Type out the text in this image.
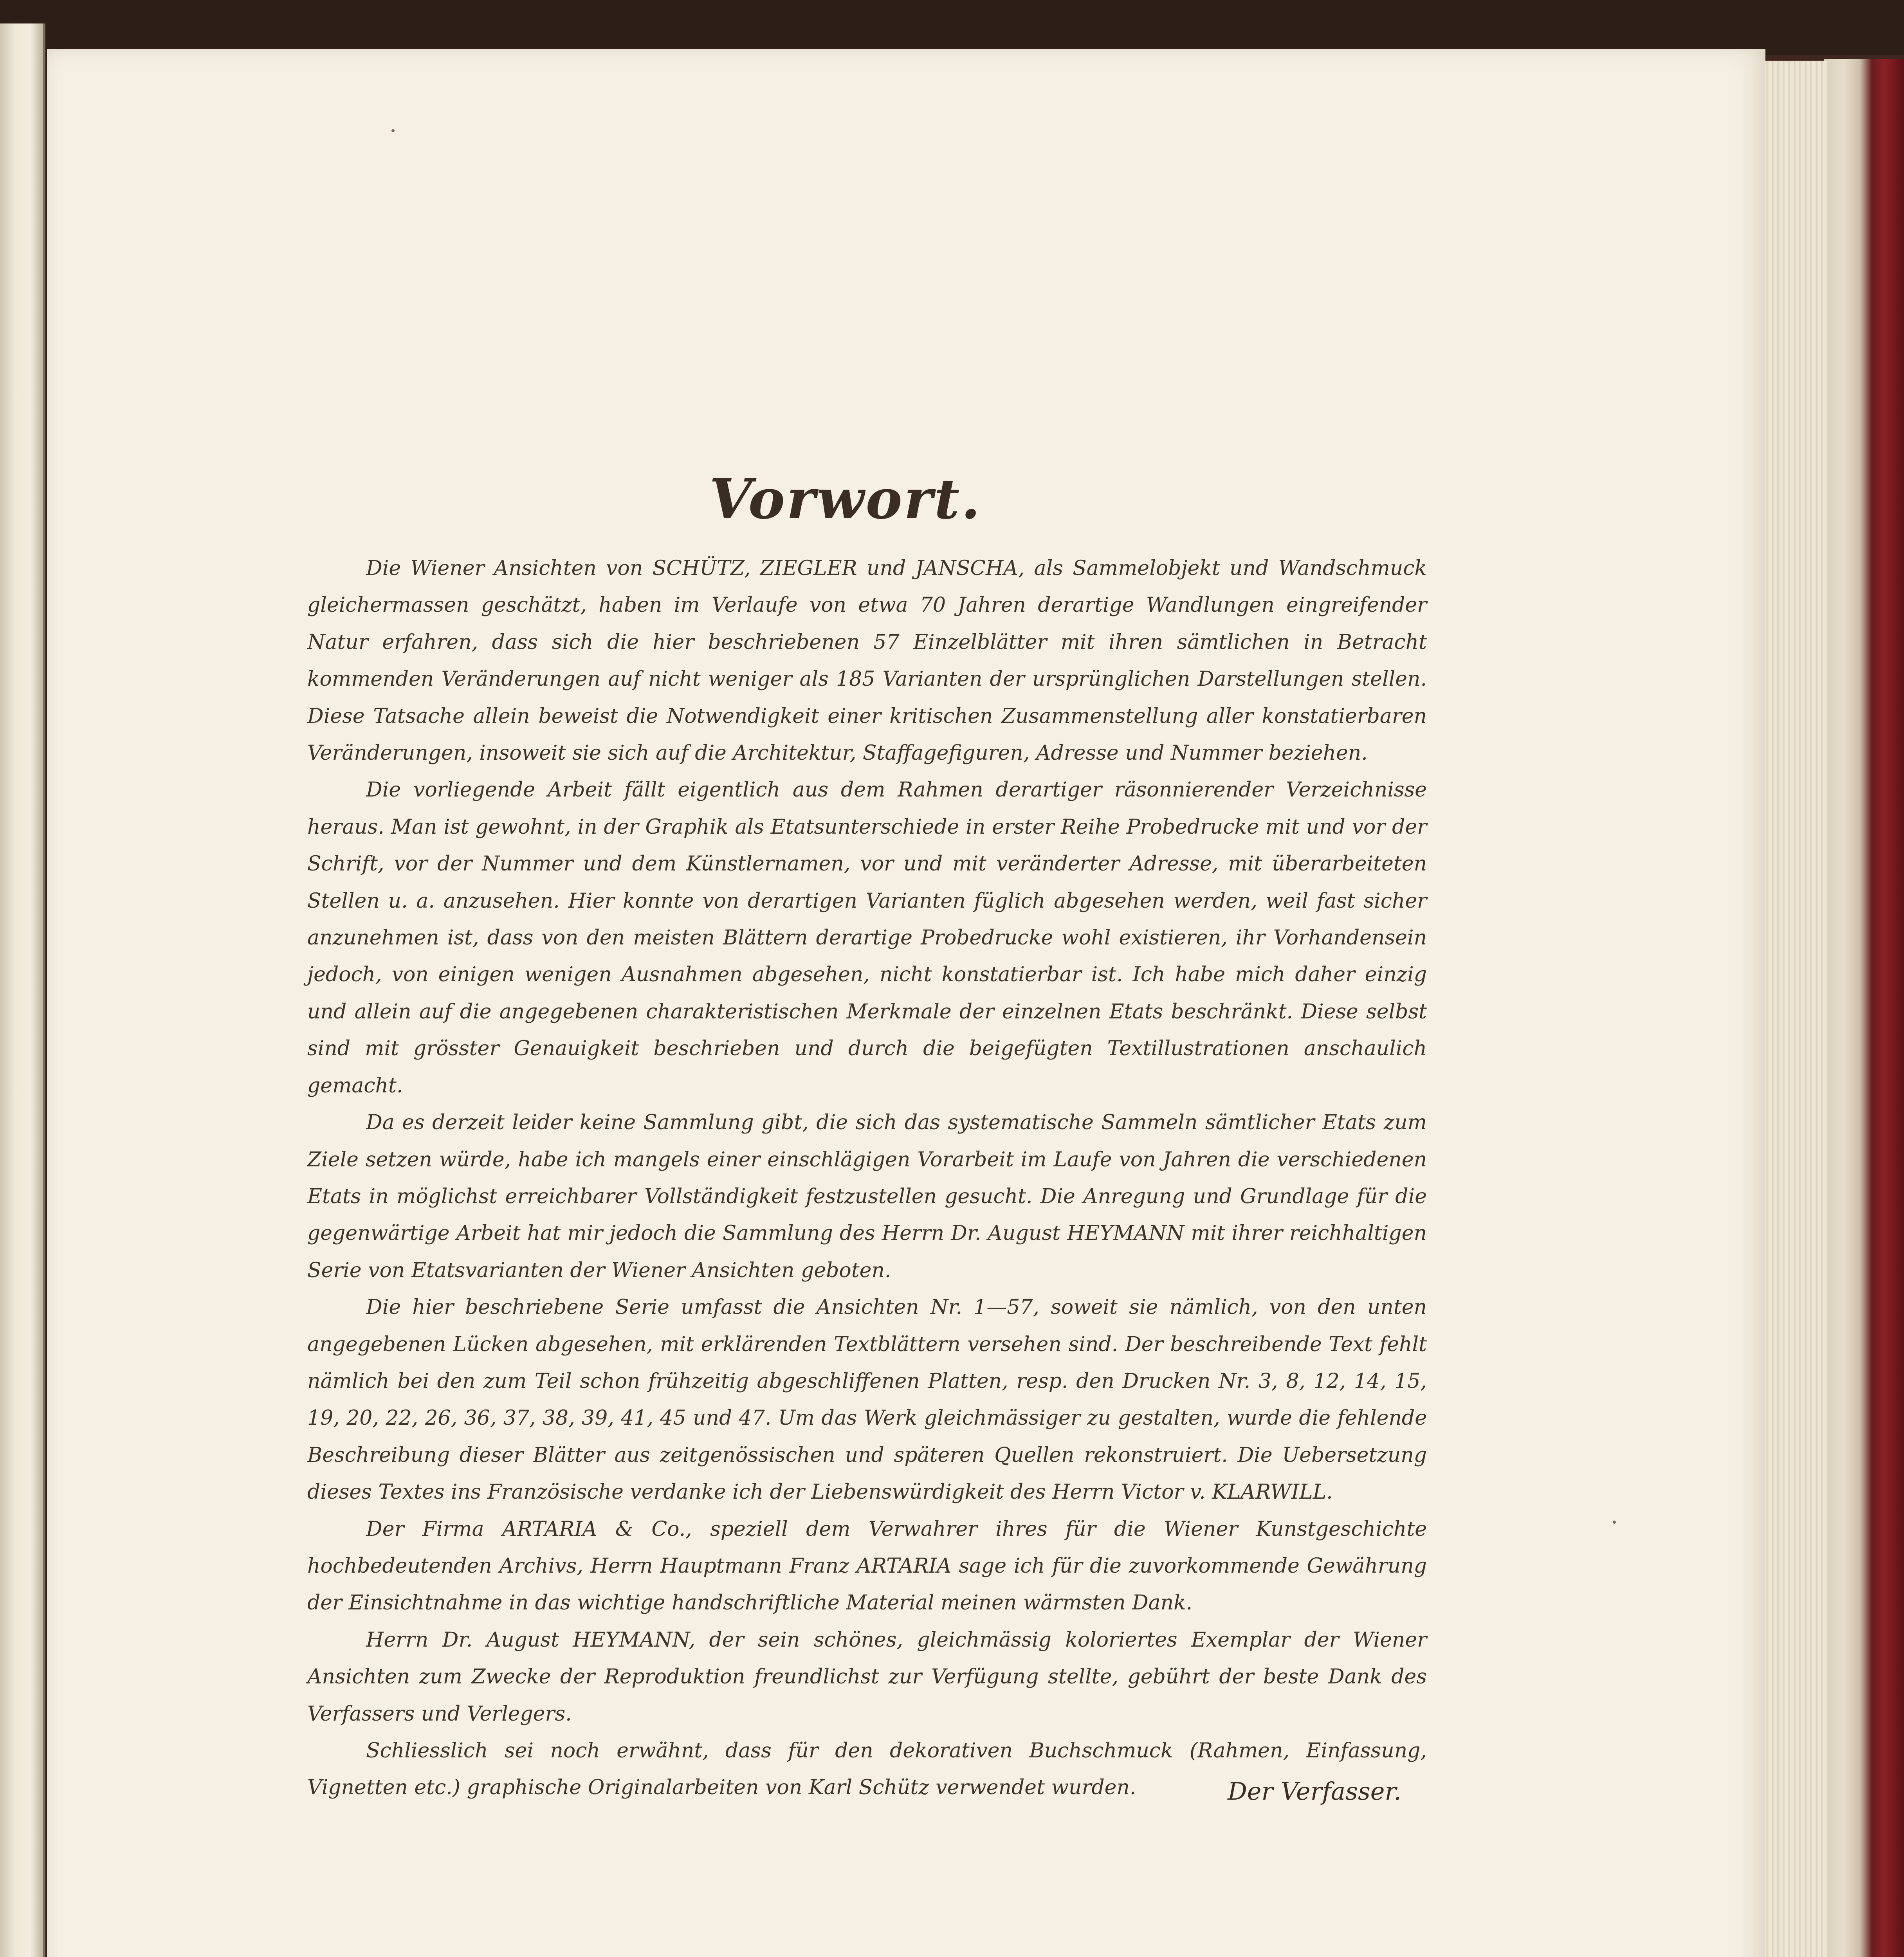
Vorwort.

Die Wiener Ansichten von SCHÜTZ, ZIEGLER und JANSCHA, als Sammelobjekt und Wandschmuck gleichermassen geschätzt, haben im Verlaufe von etwa 70 Jahren derartige Wandlungen eingreifender Natur erfahren, dass sich die hier beschriebenen 57 Einzelblätter mit ihren sämtlichen in Betracht kommenden Veränderungen auf nicht weniger als 185 Varianten der ursprünglichen Darstellungen stellen. Diese Tatsache allein beweist die Notwendigkeit einer kritischen Zusammenstellung aller konstatierbaren Veränderungen, insoweit sie sich auf die Architektur, Staffagefiguren, Adresse und Nummer beziehen.

Die vorliegende Arbeit fällt eigentlich aus dem Rahmen derartiger räsonnierender Verzeichnisse heraus. Man ist gewohnt, in der Graphik als Etatsunterschiede in erster Reihe Probedrucke mit und vor der Schrift, vor der Nummer und dem Künstlernamen, vor und mit veränderter Adresse, mit überarbeiteten Stellen u. a. anzusehen. Hier konnte von derartigen Varianten füglich abgesehen werden, weil fast sicher anzunehmen ist, dass von den meisten Blättern derartige Probedrucke wohl existieren, ihr Vorhandensein jedoch, von einigen wenigen Ausnahmen abgesehen, nicht konstatierbar ist. Ich habe mich daher einzig und allein auf die angegebenen charakteristischen Merkmale der einzelnen Etats beschränkt. Diese selbst sind mit grösster Genauigkeit beschrieben und durch die beigefügten Textillustrationen anschaulich gemacht.

Da es derzeit leider keine Sammlung gibt, die sich das systematische Sammeln sämtlicher Etats zum Ziele setzen würde, habe ich mangels einer einschlägigen Vorarbeit im Laufe von Jahren die verschiedenen Etats in möglichst erreichbarer Vollständigkeit festzustellen gesucht. Die Anregung und Grundlage für die gegenwärtige Arbeit hat mir jedoch die Sammlung des Herrn Dr. August HEYMANN mit ihrer reichhaltigen Serie von Etatsvarianten der Wiener Ansichten geboten.

Die hier beschriebene Serie umfasst die Ansichten Nr. 1—57, soweit sie nämlich, von den unten angegebenen Lücken abgesehen, mit erklärenden Textblättern versehen sind. Der beschreibende Text fehlt nämlich bei den zum Teil schon frühzeitig abgeschliffenen Platten, resp. den Drucken Nr. 3, 8, 12, 14, 15, 19, 20, 22, 26, 36, 37, 38, 39, 41, 45 und 47. Um das Werk gleichmässiger zu gestalten, wurde die fehlende Beschreibung dieser Blätter aus zeitgenössischen und späteren Quellen rekonstruiert. Die Uebersetzung dieses Textes ins Französische verdanke ich der Liebenswürdigkeit des Herrn Victor v. KLARWILL.

Der Firma ARTARIA & Co., speziell dem Verwahrer ihres für die Wiener Kunstgeschichte hochbedeutenden Archivs, Herrn Hauptmann Franz ARTARIA sage ich für die zuvorkommende Gewährung der Einsichtnahme in das wichtige handschriftliche Material meinen wärmsten Dank.

Herrn Dr. August HEYMANN, der sein schönes, gleichmässig koloriertes Exemplar der Wiener Ansichten zum Zwecke der Reproduktion freundlichst zur Verfügung stellte, gebührt der beste Dank des Verfassers und Verlegers.

Schliesslich sei noch erwähnt, dass für den dekorativen Buchschmuck (Rahmen, Einfassung, Vignetten etc.) graphische Originalarbeiten von Karl Schütz verwendet wurden.	Der Verfasser.
